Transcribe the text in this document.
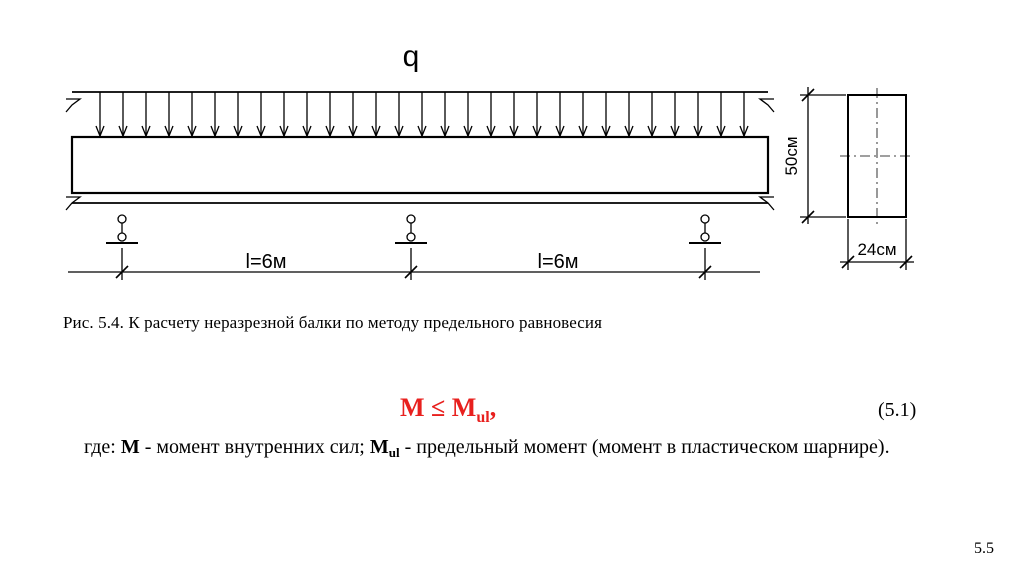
q
l=6м	l=6м
50см
24см
Рис. 5.4. К расчету неразрезной балки по методу предельного равновесия
$M \le M_{ul}$,	(5.1)
где: M - момент внутренних сил; $M_{ul}$ - предельный момент (момент в пластическом шарнире).
5.5
